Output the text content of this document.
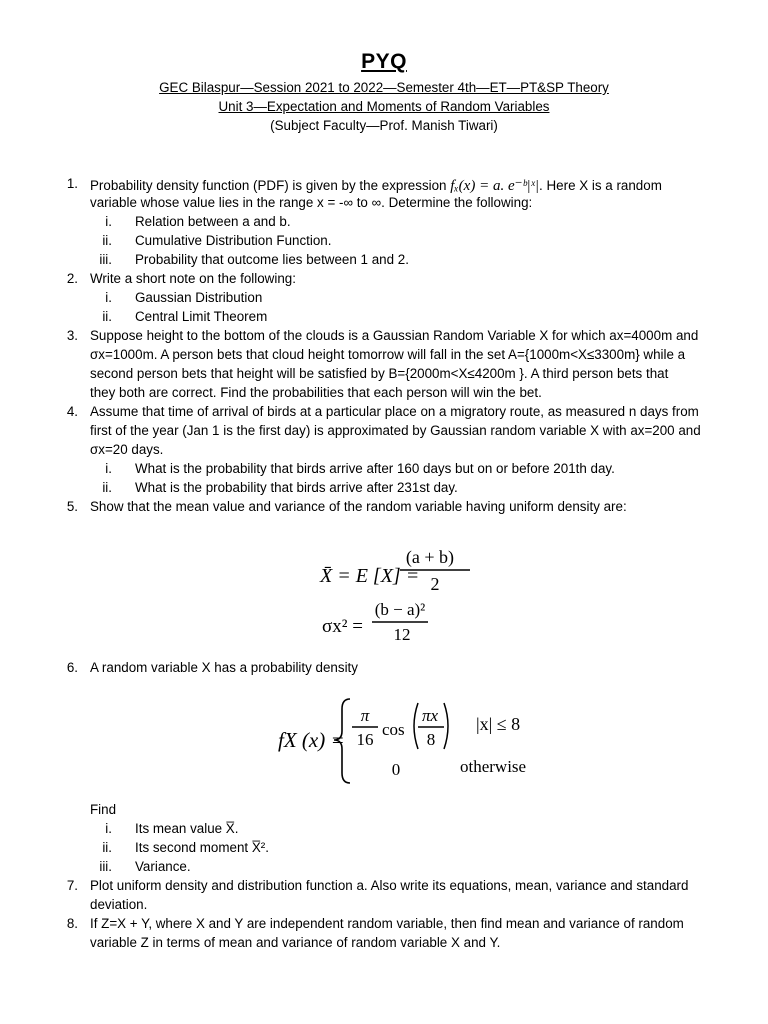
PYQ
GEC Bilaspur—Session 2021 to 2022—Semester 4th—ET—PT&SP Theory
Unit 3—Expectation and Moments of Random Variables
(Subject Faculty—Prof. Manish Tiwari)
1. Probability density function (PDF) is given by the expression fₓ(x) = a. e⁻ᵇ|ˣ|. Here X is a random
variable whose value lies in the range x = -∞ to ∞. Determine the following:
i. Relation between a and b.
ii. Cumulative Distribution Function.
iii. Probability that outcome lies between 1 and 2.
2. Write a short note on the following:
i. Gaussian Distribution
ii. Central Limit Theorem
3. Suppose height to the bottom of the clouds is a Gaussian Random Variable X for which ax=4000m and
σx=1000m. A person bets that cloud height tomorrow will fall in the set A={1000m<X≤3300m} while a
second person bets that height will be satisfied by B={2000m<X≤4200m }. A third person bets that
they both are correct. Find the probabilities that each person will win the bet.
4. Assume that time of arrival of birds at a particular place on a migratory route, as measured n days from
first of the year (Jan 1 is the first day) is approximated by Gaussian random variable X with ax=200 and
σx=20 days.
i. What is the probability that birds arrive after 160 days but on or before 201th day.
ii. What is the probability that birds arrive after 231st day.
5. Show that the mean value and variance of the random variable having uniform density are:
X̄ = E [X] =
(a + b)
2
σx² =
(b − a)²
12
6. A random variable X has a probability density
fX (x) =
π
16
cos
πx
8
|x| ≤ 8
0	otherwise
Find
i. Its mean value X̅.
ii. Its second moment X̅².
iii. Variance.
7. Plot uniform density and distribution function a. Also write its equations, mean, variance and standard
deviation.
8. If Z=X + Y, where X and Y are independent random variable, then find mean and variance of random
variable Z in terms of mean and variance of random variable X and Y.
